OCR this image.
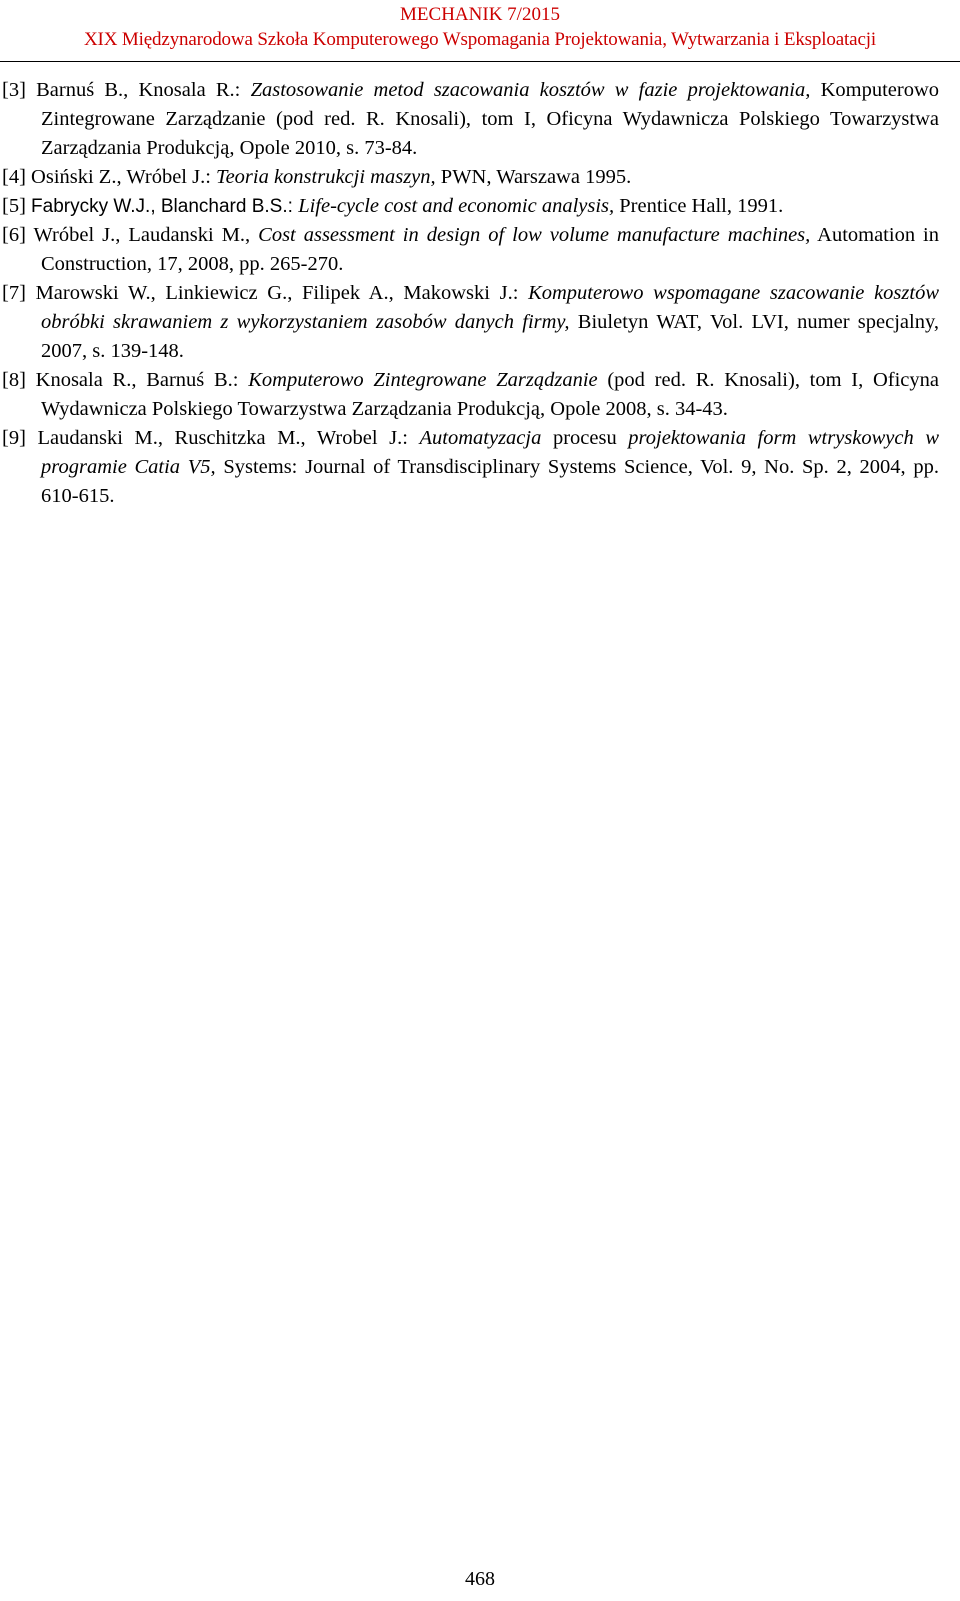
MECHANIK 7/2015
XIX Międzynarodowa Szkoła Komputerowego Wspomagania Projektowania, Wytwarzania i Eksploatacji
[3] Barnuś B., Knosala R.: Zastosowanie metod szacowania kosztów w fazie projektowania, Komputerowo Zintegrowane Zarządzanie (pod red. R. Knosali), tom I, Oficyna Wydawnicza Polskiego Towarzystwa Zarządzania Produkcją, Opole 2010, s. 73-84.
[4] Osiński Z., Wróbel J.: Teoria konstrukcji maszyn, PWN, Warszawa 1995.
[5] Fabrycky W.J., Blanchard B.S.: Life-cycle cost and economic analysis, Prentice Hall, 1991.
[6] Wróbel J., Laudanski M., Cost assessment in design of low volume manufacture machines, Automation in Construction, 17, 2008, pp. 265-270.
[7] Marowski W., Linkiewicz G., Filipek A., Makowski J.: Komputerowo wspomagane szacowanie kosztów obróbki skrawaniem z wykorzystaniem zasobów danych firmy, Biuletyn WAT, Vol. LVI, numer specjalny, 2007, s. 139-148.
[8] Knosala R., Barnuś B.: Komputerowo Zintegrowane Zarządzanie (pod red. R. Knosali), tom I, Oficyna Wydawnicza Polskiego Towarzystwa Zarządzania Produkcją, Opole 2008, s. 34-43.
[9] Laudanski M., Ruschitzka M., Wrobel J.: Automatyzacja procesu projektowania form wtryskowych w programie Catia V5, Systems: Journal of Transdisciplinary Systems Science, Vol. 9, No. Sp. 2, 2004, pp. 610-615.
468
